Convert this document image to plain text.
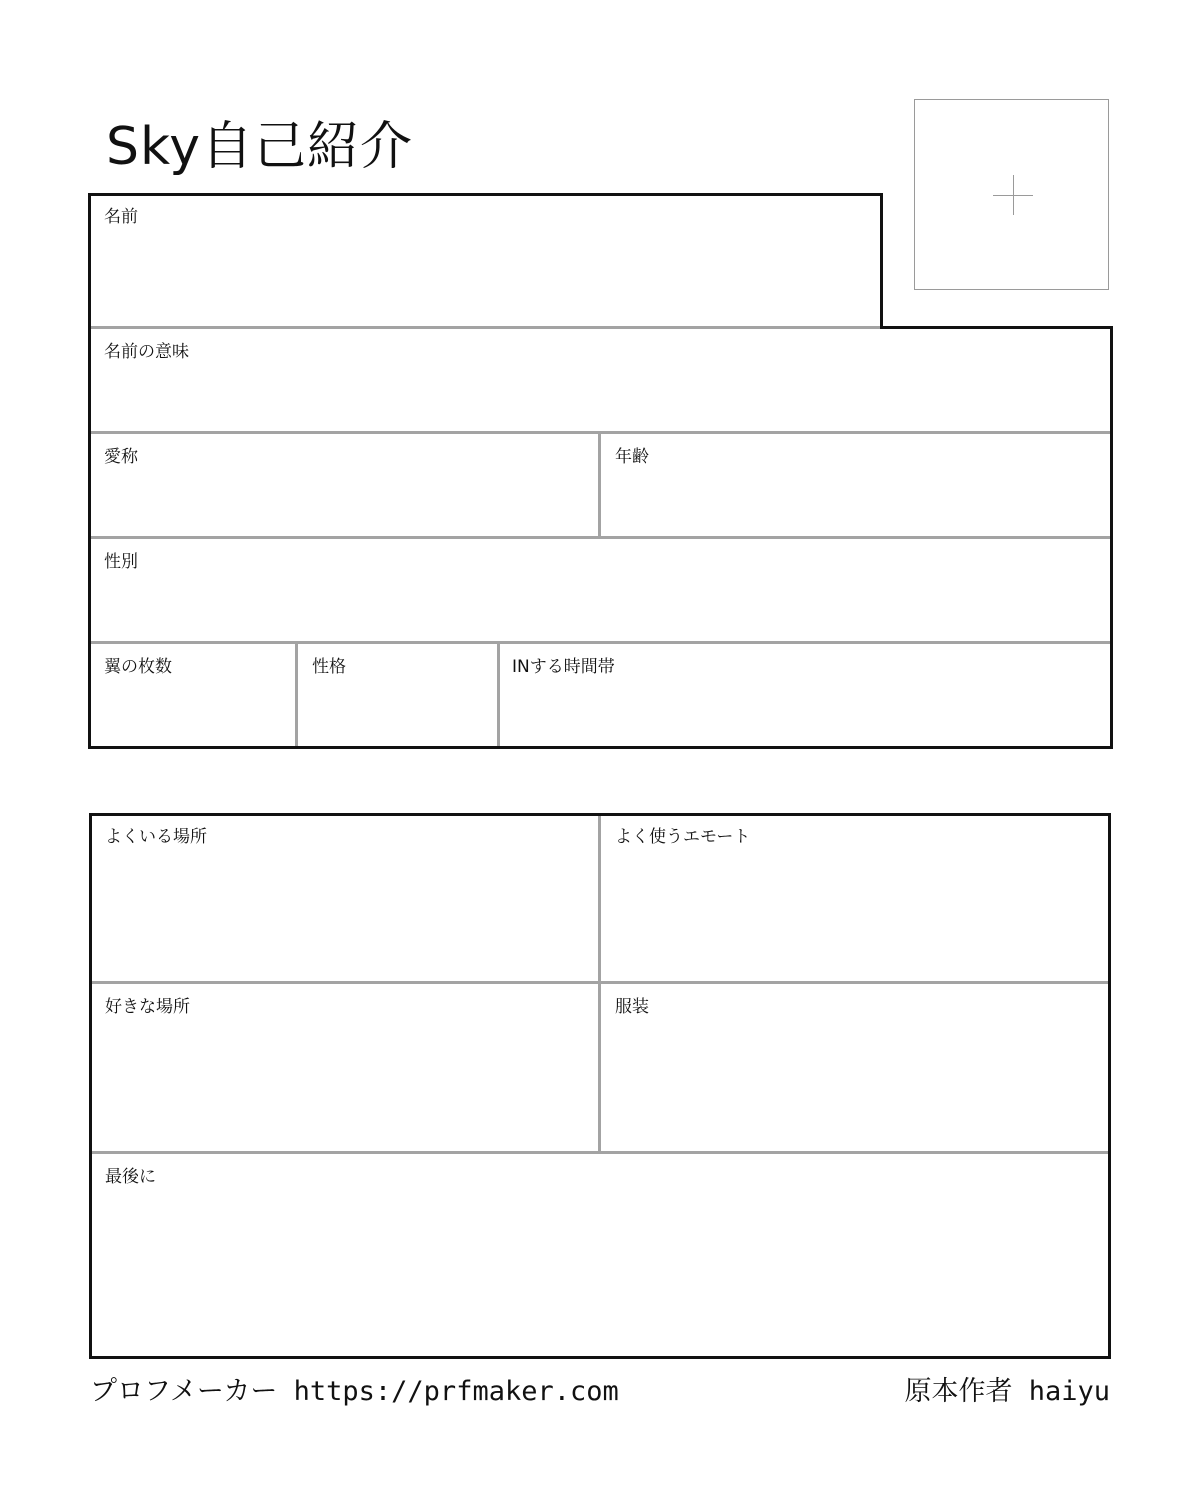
Sky自己紹介
名前
名前の意味
愛称	年齢
性別
翼の枚数	性格	INする時間帯
よくいる場所	よく使うエモート
好きな場所	服装
最後に
プロフメーカー https://prfmaker.com	原本作者 haiyu
